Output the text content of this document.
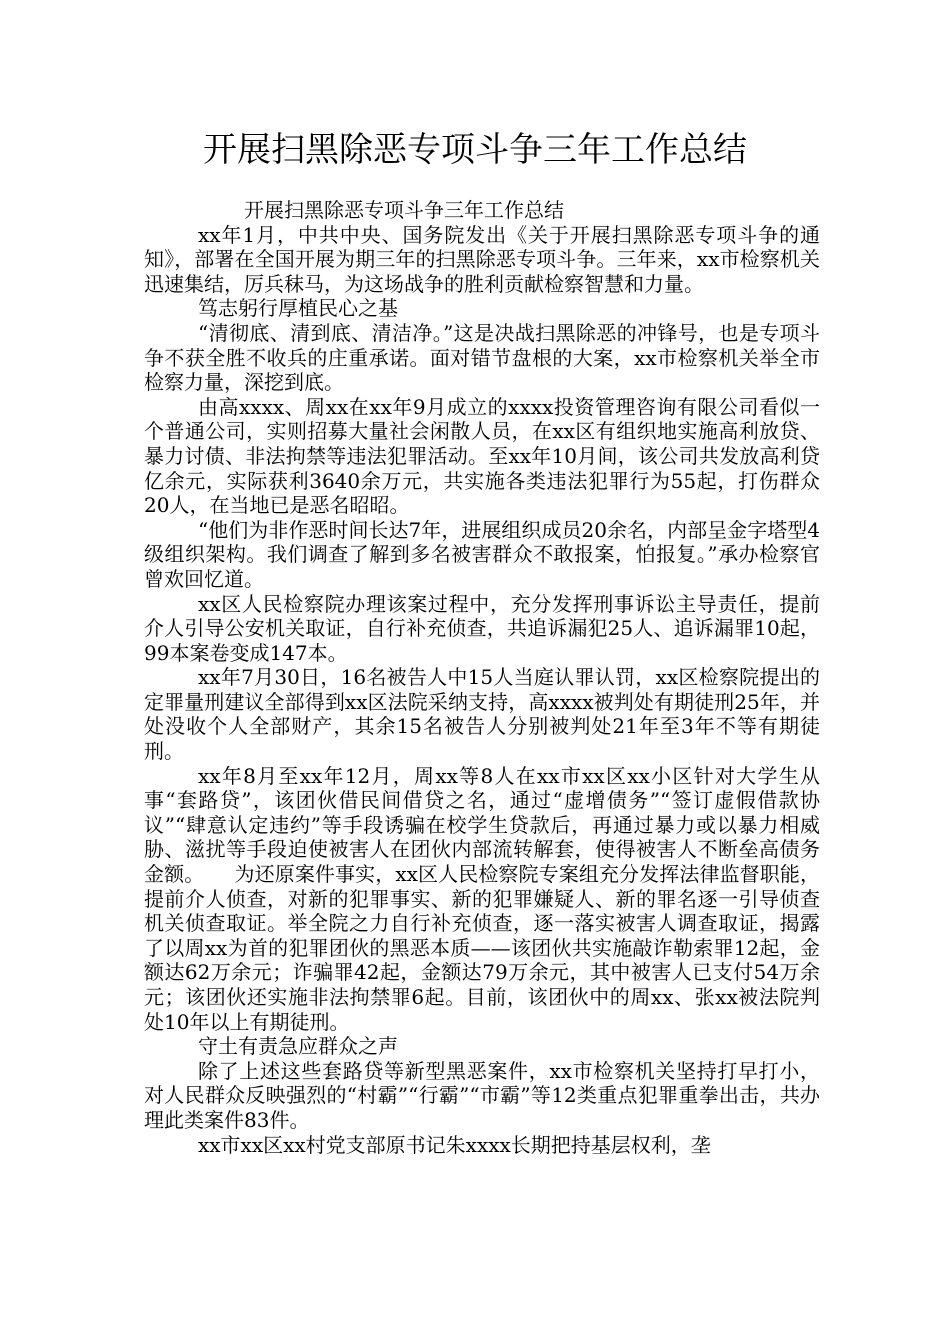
开展扫黑除恶专项斗争三年工作总结

开展扫黑除恶专项斗争三年工作总结

xx年1月，中共中央、国务院发出《关于开展扫黑除恶专项斗争的通知》，部署在全国开展为期三年的扫黑除恶专项斗争。三年来，xx市检察机关迅速集结，厉兵秣马，为这场战争的胜利贡献检察智慧和力量。

笃志躬行厚植民心之基

“清彻底、清到底、清洁净。”这是决战扫黑除恶的冲锋号，也是专项斗争不获全胜不收兵的庄重承诺。面对错节盘根的大案，xx市检察机关举全市检察力量，深挖到底。

由高xxxx、周xx在xx年9月成立的xxxx投资管理咨询有限公司看似一个普通公司，实则招募大量社会闲散人员，在xx区有组织地实施高利放贷、暴力讨债、非法拘禁等违法犯罪活动。至xx年10月间，该公司共发放高利贷亿余元，实际获利3640余万元，共实施各类违法犯罪行为55起，打伤群众20人，在当地已是恶名昭昭。

“他们为非作恶时间长达7年，进展组织成员20余名，内部呈金字塔型4级组织架构。我们调查了解到多名被害群众不敢报案，怕报复。”承办检察官曾欢回忆道。

xx区人民检察院办理该案过程中，充分发挥刑事诉讼主导责任，提前介人引导公安机关取证，自行补充侦查，共追诉漏犯25人、追诉漏罪10起，99本案卷变成147本。

xx年7月30日，16名被告人中15人当庭认罪认罚，xx区检察院提出的定罪量刑建议全部得到xx区法院采纳支持，高xxxx被判处有期徒刑25年，并处没收个人全部财产，其余15名被告人分别被判处21年至3年不等有期徒刑。

xx年8月至xx年12月，周xx等8人在xx市xx区xx小区针对大学生从事“套路贷”，该团伙借民间借贷之名，通过“虚增债务”“签订虚假借款协议”“肆意认定违约”等手段诱骗在校学生贷款后，再通过暴力或以暴力相威胁、滋扰等手段迫使被害人在团伙内部流转解套，使得被害人不断垒高债务金额。　　为还原案件事实，xx区人民检察院专案组充分发挥法律监督职能，提前介人侦查，对新的犯罪事实、新的犯罪嫌疑人、新的罪名逐一引导侦查机关侦查取证。举全院之力自行补充侦查，逐一落实被害人调查取证，揭露了以周xx为首的犯罪团伙的黑恶本质——该团伙共实施敲诈勒索罪12起，金额达62万余元；诈骗罪42起，金额达79万余元，其中被害人已支付54万余元；该团伙还实施非法拘禁罪6起。目前，该团伙中的周xx、张xx被法院判处10年以上有期徒刑。

守土有责急应群众之声

除了上述这些套路贷等新型黑恶案件，xx市检察机关坚持打早打小，对人民群众反映强烈的“村霸”“行霸”“市霸”等12类重点犯罪重拳出击，共办理此类案件83件。

xx市xx区xx村党支部原书记朱xxxx长期把持基层权利，垄
